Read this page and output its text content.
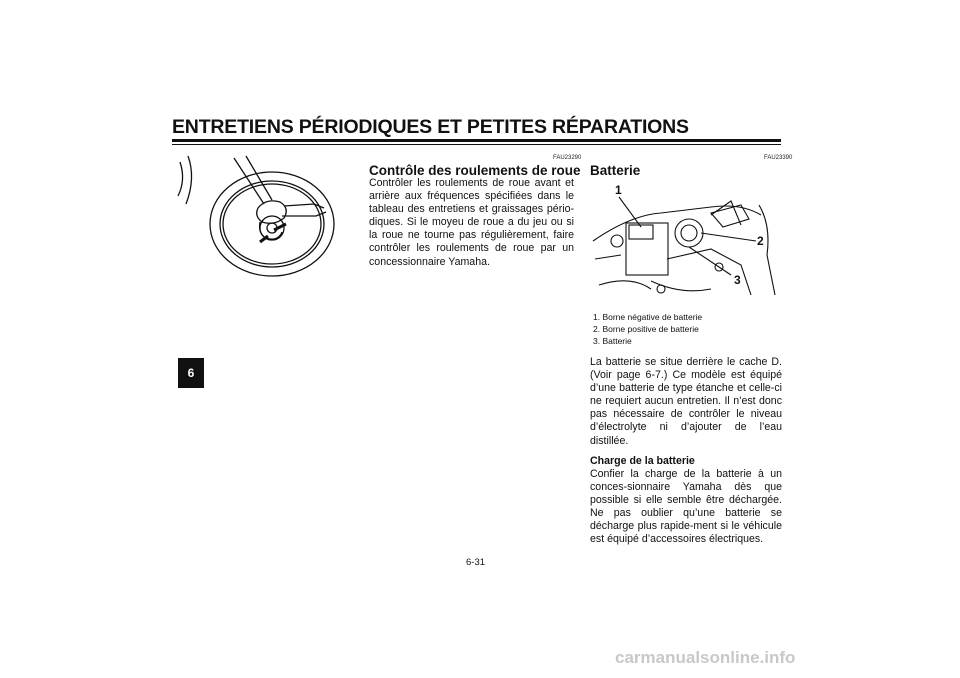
ENTRETIENS PÉRIODIQUES ET PETITES RÉPARATIONS
6
FAU23290
Contrôle des roulements de roue
Contrôler les roulements de roue avant et arrière aux fréquences spécifiées dans le tableau des entretiens et graissages pério-diques. Si le moyeu de roue a du jeu ou si la roue ne tourne pas régulièrement, faire contrôler les roulements de roue par un concessionnaire Yamaha.
FAU23390
Batterie
1
2
3
1. Borne négative de batterie
2. Borne positive de batterie
3. Batterie
La batterie se situe derrière le cache D. (Voir page 6-7.) Ce modèle est équipé d’une batterie de type étanche et celle-ci ne requiert aucun entretien. Il n’est donc pas nécessaire de contrôler le niveau d’électrolyte ni d’ajouter de l’eau distillée.
Charge de la batterie
Confier la charge de la batterie à un conces-sionnaire Yamaha dès que possible si elle semble être déchargée. Ne pas oublier qu’une batterie se décharge plus rapide-ment si le véhicule est équipé d’accessoires électriques.
6-31
carmanualsonline.info
